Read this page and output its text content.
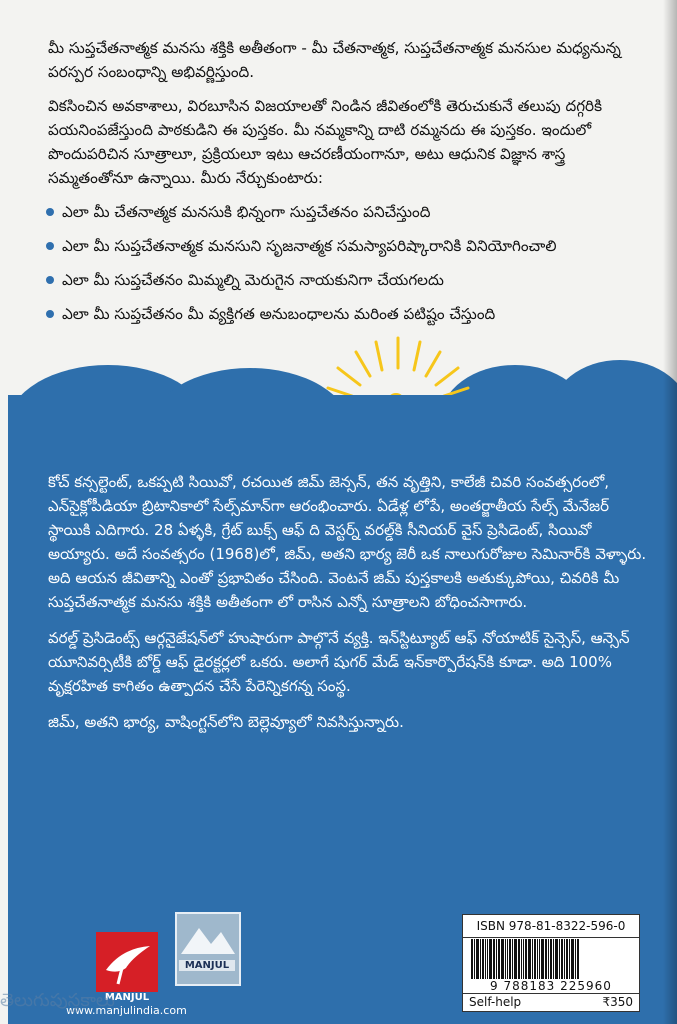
మీ సుప్తచేతనాత్మక మనసు శక్తికి అతీతంగా - మీ చేతనాత్మక, సుప్తచేతనాత్మక మనసుల మధ్యనున్న పరస్పర సంబంధాన్ని అభివర్ణిస్తుంది.

వికసించిన అవకాశాలు, విరబూసిన విజయాలతో నిండిన జీవితంలోకి తెరుచుకునే తలుపు దగ్గరికి పయనింపజేస్తుంది పాఠకుడిని ఈ పుస్తకం. మీ నమ్మకాన్ని దాటి రమ్మనదు ఈ పుస్తకం. ఇందులో పొందుపరిచిన సూత్రాలూ, ప్రక్రియలూ ఇటు ఆచరణీయంగానూ, అటు ఆధునిక విజ్ఞాన శాస్త్ర సమ్మతంతోనూ ఉన్నాయి. మీరు నేర్చుకుంటారు:

ఎలా మీ చేతనాత్మక మనసుకి భిన్నంగా సుప్తచేతనం పనిచేస్తుంది
ఎలా మీ సుప్తచేతనాత్మక మనసుని సృజనాత్మక సమస్యాపరిష్కారానికి వినియోగించాలి
ఎలా మీ సుప్తచేతనం మిమ్మల్ని మెరుగైన నాయకునిగా చేయగలదు
ఎలా మీ సుప్తచేతనం మీ వ్యక్తిగత అనుబంధాలను మరింత పటిష్టం చేస్తుంది

కోచ్ కన్సల్టెంట్, ఒకప్పటి సియివో, రచయిత జిమ్ జెన్సన్, తన వృత్తిని, కాలేజీ చివరి సంవత్సరంలో, ఎన్‌సైక్లోపీడియా బ్రిటానికాలో సేల్స్‌మాన్‌గా ఆరంభించారు. ఏడేళ్ల లోపే, అంతర్జాతీయ సేల్స్ మేనేజర్ స్థాయికి ఎదిగారు. 28 ఏళ్ళకి, గ్రేట్ బుక్స్ ఆఫ్ ది వెస్టర్న్ వరల్డ్‌కి సీనియర్ వైస్ ప్రెసిడెంట్, సియివో అయ్యారు. అదే సంవత్సరం (1968)లో, జిమ్, అతని భార్య జెరీ ఒక నాలుగురోజుల సెమినార్‌కి వెళ్ళారు. అది ఆయన జీవితాన్ని ఎంతో ప్రభావితం చేసింది. వెంటనే జిమ్ పుస్తకాలకి అతుక్కుపోయి, చివరికి మీ సుప్తచేతనాత్మక మనసు శక్తికి అతీతంగా లో రాసిన ఎన్నో సూత్రాలని బోధించసాగారు.

వరల్డ్ ప్రెసిడెంట్స్ ఆర్గనైజేషన్‌లో హుషారుగా పాల్గొనే వ్యక్తి. ఇన్‌స్టిట్యూట్ ఆఫ్ నోయాటిక్ సైన్సెస్, ఆన్సెన్ యూనివర్సిటీకి బోర్డ్ ఆఫ్ డైరక్టర్లలో ఒకరు. అలాగే షుగర్ మేడ్ ఇన్‌కార్పొరేషన్‌కి కూడా. అది 100% వృక్షరహిత కాగితం ఉత్పాదన చేసే పేరెన్నికగన్న సంస్థ.

జిమ్, అతని భార్య, వాషింగ్టన్‌లోని బెల్లెవ్యూలో నివసిస్తున్నారు.

MANJUL
MANJUL
www.manjulindia.com
ISBN 978-81-8322-596-0
9 788183 225960
Self-help	₹350
తెలుగుపుస్తకాలు
